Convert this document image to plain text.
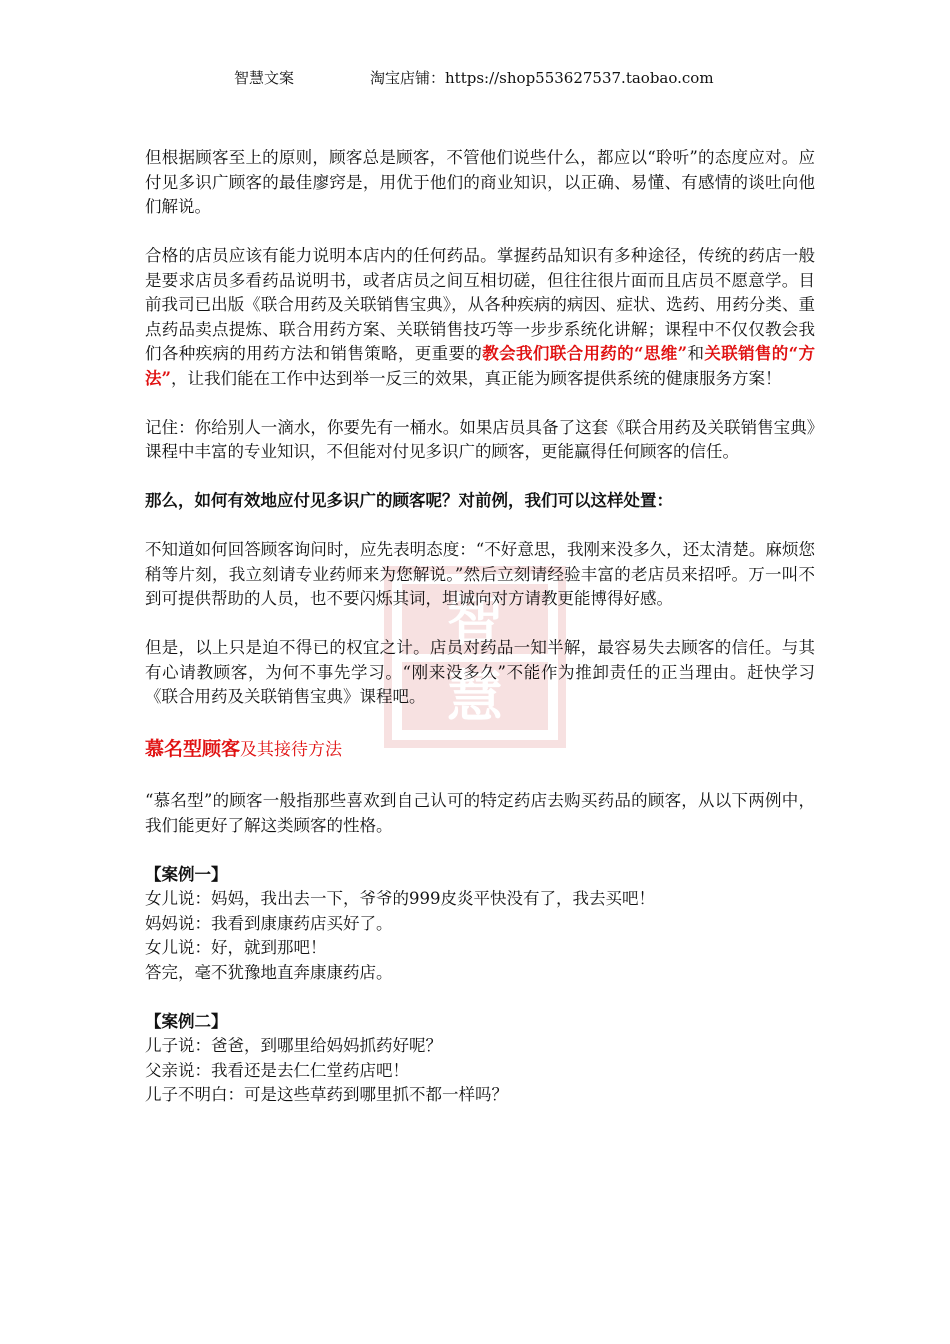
智慧文案	淘宝店铺：https://shop553627537.taobao.com
智
慧

但根据顾客至上的原则，顾客总是顾客，不管他们说些什么，都应以“聆听”的态度应对。应付见多识广顾客的最佳廖窍是，用优于他们的商业知识，以正确、易懂、有感情的谈吐向他们解说。

合格的店员应该有能力说明本店内的任何药品。掌握药品知识有多种途径，传统的药店一般是要求店员多看药品说明书，或者店员之间互相切磋，但往往很片面而且店员不愿意学。目前我司已出版《联合用药及关联销售宝典》，从各种疾病的病因、症状、选药、用药分类、重点药品卖点提炼、联合用药方案、关联销售技巧等一步步系统化讲解；课程中不仅仅教会我们各种疾病的用药方法和销售策略，更重要的教会我们联合用药的“思维”和关联销售的“方法”，让我们能在工作中达到举一反三的效果，真正能为顾客提供系统的健康服务方案！

记住：你给别人一滴水，你要先有一桶水。如果店员具备了这套《联合用药及关联销售宝典》课程中丰富的专业知识，不但能对付见多识广的顾客，更能赢得任何顾客的信任。

那么，如何有效地应付见多识广的顾客呢？对前例，我们可以这样处置：

不知道如何回答顾客询问时，应先表明态度：“不好意思，我刚来没多久，还太清楚。麻烦您稍等片刻，我立刻请专业药师来为您解说。”然后立刻请经验丰富的老店员来招呼。万一叫不到可提供帮助的人员，也不要闪烁其词，坦诚向对方请教更能博得好感。

但是，以上只是迫不得已的权宜之计。店员对药品一知半解，最容易失去顾客的信任。与其有心请教顾客，为何不事先学习。“刚来没多久”不能作为推卸责任的正当理由。赶快学习《联合用药及关联销售宝典》课程吧。

慕名型顾客及其接待方法

“慕名型”的顾客一般指那些喜欢到自己认可的特定药店去购买药品的顾客，从以下两例中，我们能更好了解这类顾客的性格。

【案例一】

女儿说：妈妈，我出去一下，爷爷的999皮炎平快没有了，我去买吧！

妈妈说：我看到康康药店买好了。

女儿说：好，就到那吧！

答完，毫不犹豫地直奔康康药店。

【案例二】

儿子说：爸爸，到哪里给妈妈抓药好呢？

父亲说：我看还是去仁仁堂药店吧！

儿子不明白：可是这些草药到哪里抓不都一样吗？
